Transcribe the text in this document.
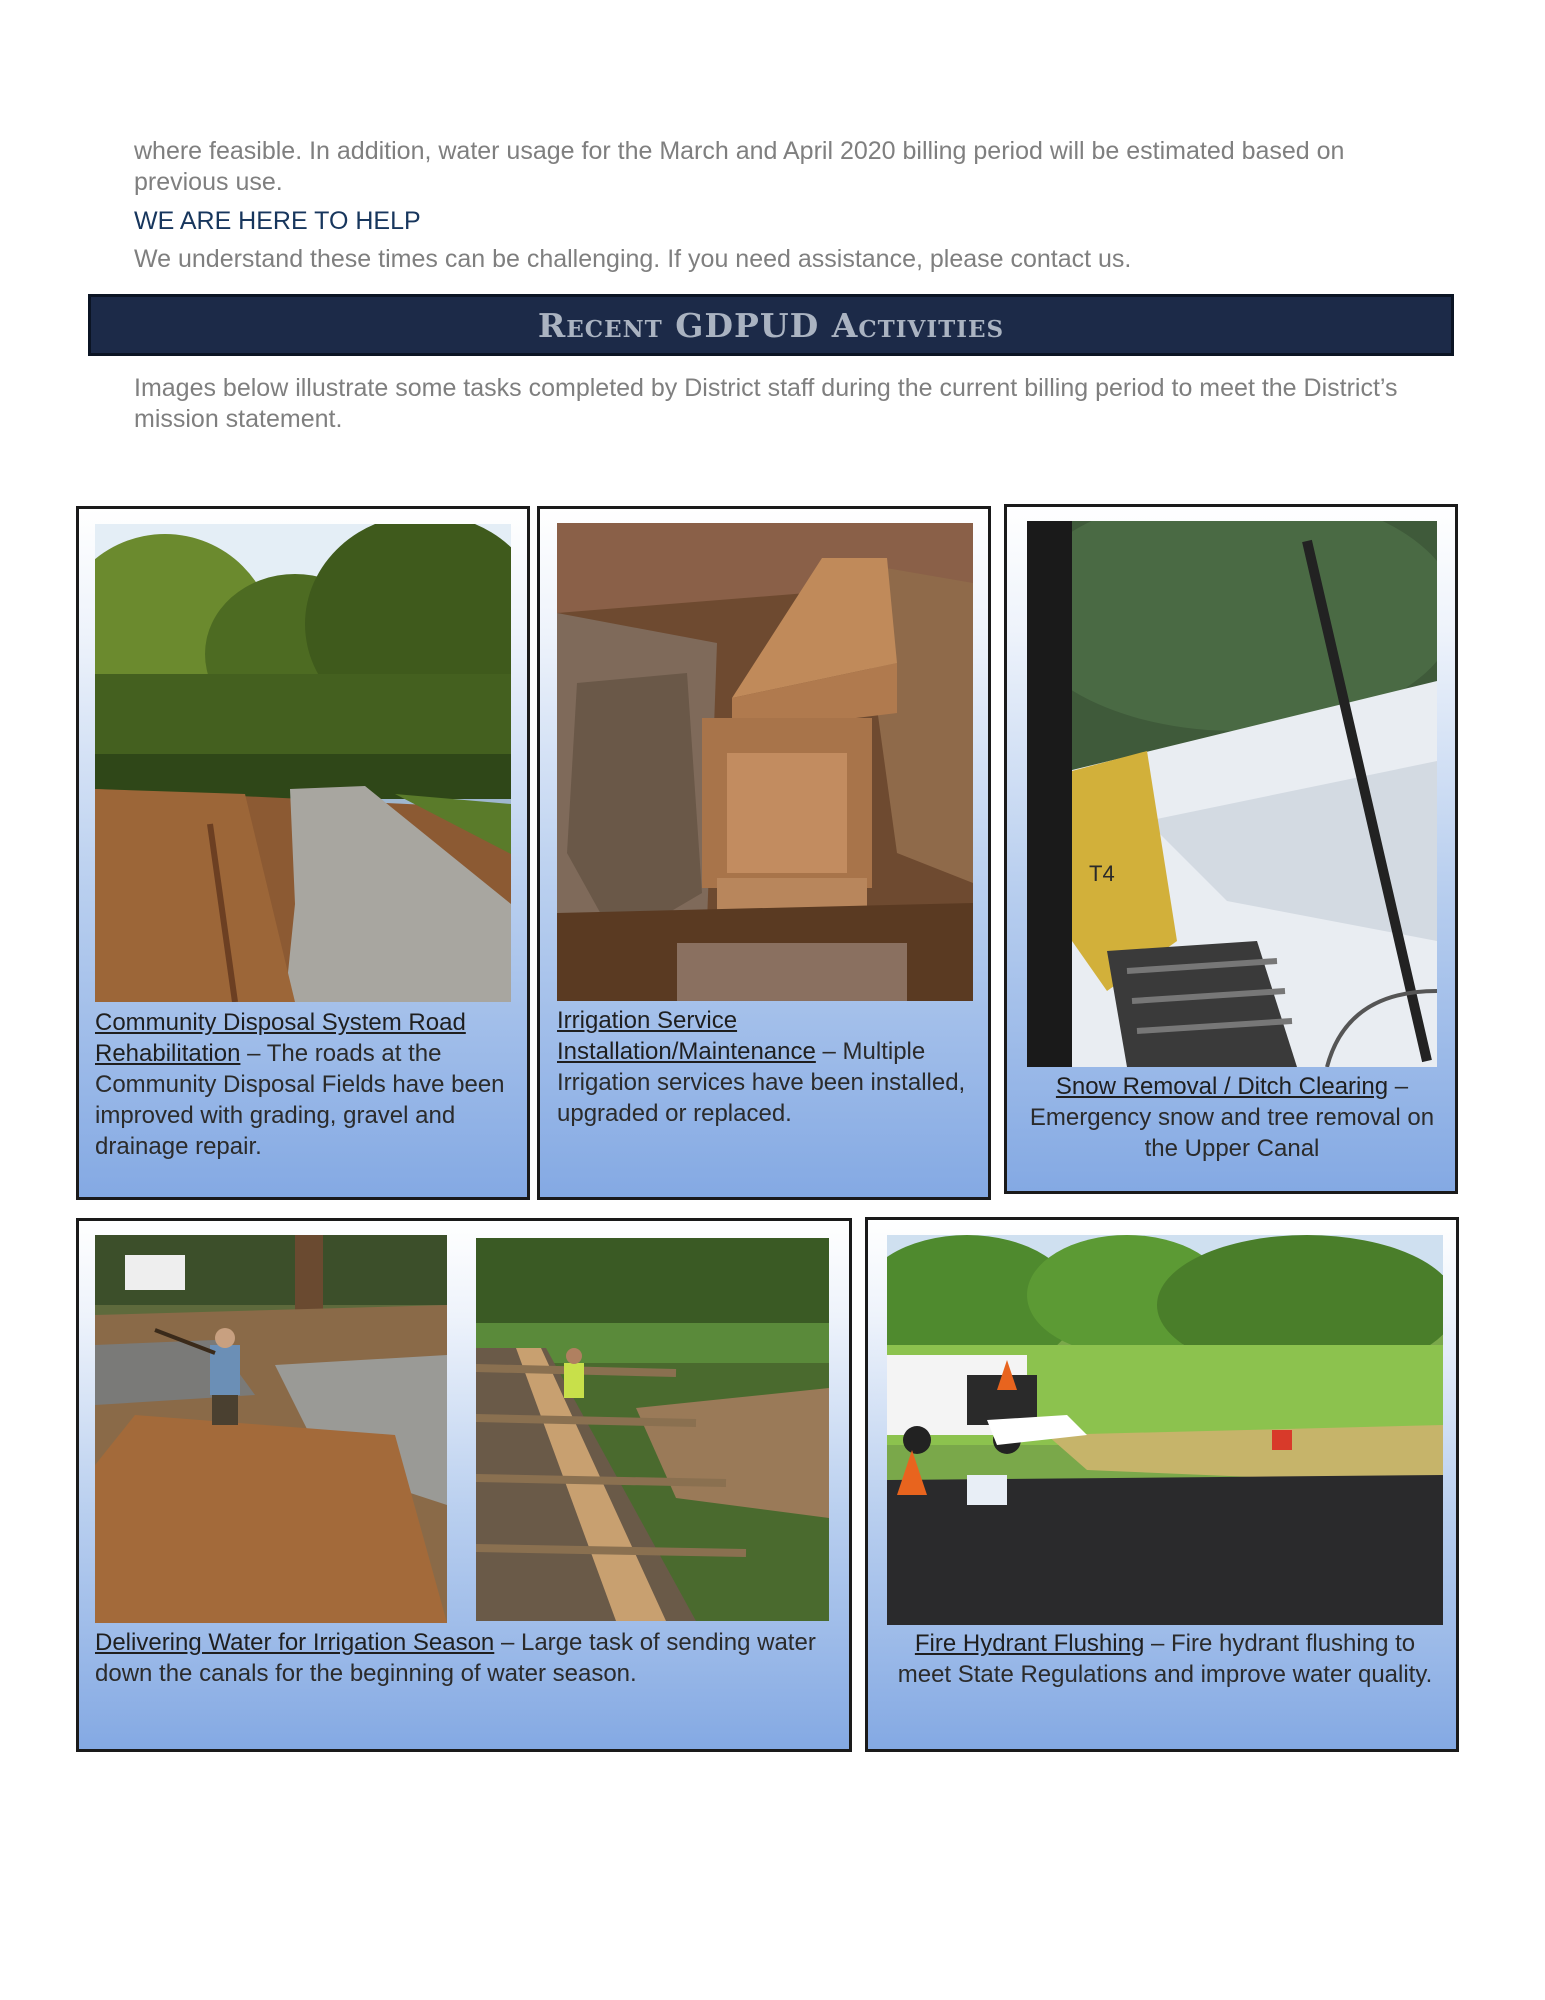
where feasible. In addition, water usage for the March and April 2020 billing period will be estimated based on previous use.

WE ARE HERE TO HELP

We understand these times can be challenging. If you need assistance, please contact us.

Recent GDPUD Activities

Images below illustrate some tasks completed by District staff during the current billing period to meet the District’s mission statement.

Community Disposal System Road Rehabilitation – The roads at the Community Disposal Fields have been improved with grading, gravel and drainage repair.

Irrigation Service Installation/Maintenance – Multiple Irrigation services have been installed, upgraded or replaced.

T4

Snow Removal / Ditch Clearing – Emergency snow and tree removal on the Upper Canal

Delivering Water for Irrigation Season – Large task of sending water down the canals for the beginning of water season.

Fire Hydrant Flushing – Fire hydrant flushing to meet State Regulations and improve water quality.
